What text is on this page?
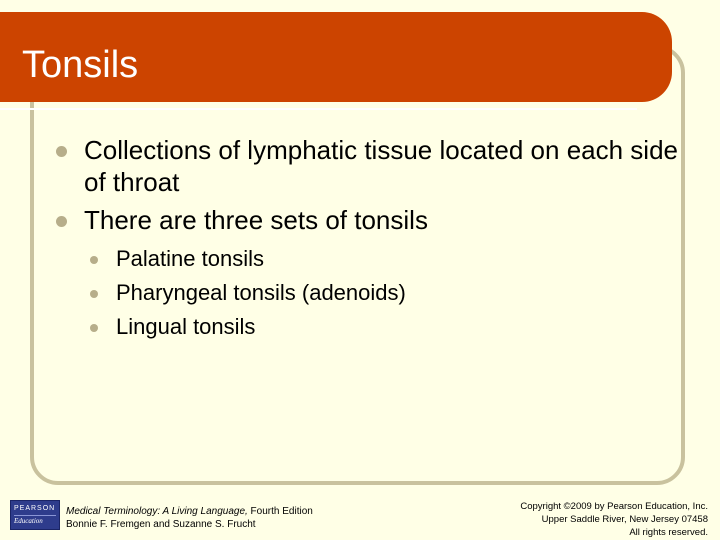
Tonsils
Collections of lymphatic tissue located on each side of throat
There are three sets of tonsils
Palatine tonsils
Pharyngeal tonsils (adenoids)
Lingual tonsils
PEARSON
Education
Medical Terminology: A Living Language, Fourth Edition
Bonnie F. Fremgen and Suzanne S. Frucht
Copyright ©2009 by Pearson Education, Inc.
Upper Saddle River, New Jersey 07458
All rights reserved.
